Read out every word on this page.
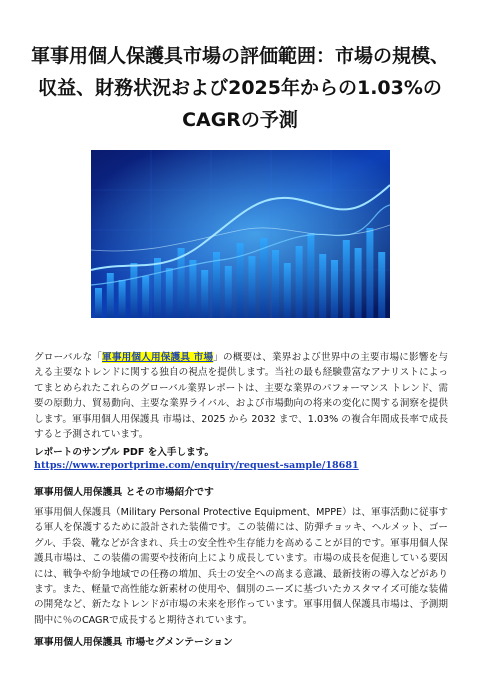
軍事用個人保護具市場の評価範囲：市場の規模、収益、財務状況および2025年からの1.03%のCAGRの予測
グローバルな「軍事用個人用保護具 市場」の概要は、業界および世界中の主要市場に影響を与える主要なトレンドに関する独自の視点を提供します。当社の最も経験豊富なアナリストによってまとめられたこれらのグローバル業界レポートは、主要な業界のパフォーマンス トレンド、需要の原動力、貿易動向、主要な業界ライバル、および市場動向の将来の変化に関する洞察を提供します。軍事用個人用保護具 市場は、2025 から 2032 まで、1.03% の複合年間成長率で成長すると予測されています。
レポートのサンプル PDF を入手します。 https://www.reportprime.com/enquiry/request-sample/18681
軍事用個人用保護具 とその市場紹介です
軍事用個人保護具（Military Personal Protective Equipment、MPPE）は、軍事活動に従事する軍人を保護するために設計された装備です。この装備には、防弾チョッキ、ヘルメット、ゴーグル、手袋、靴などが含まれ、兵士の安全性や生存能力を高めることが目的です。軍事用個人保護具市場は、この装備の需要や技術向上により成長しています。市場の成長を促進している要因には、戦争や紛争地域での任務の増加、兵士の安全への高まる意識、最新技術の導入などがあります。また、軽量で高性能な新素材の使用や、個別のニーズに基づいたカスタマイズ可能な装備の開発など、新たなトレンドが市場の未来を形作っています。軍事用個人保護具市場は、予測期間中に％のCAGRで成長すると期待されています。
軍事用個人用保護具 市場セグメンテーション
